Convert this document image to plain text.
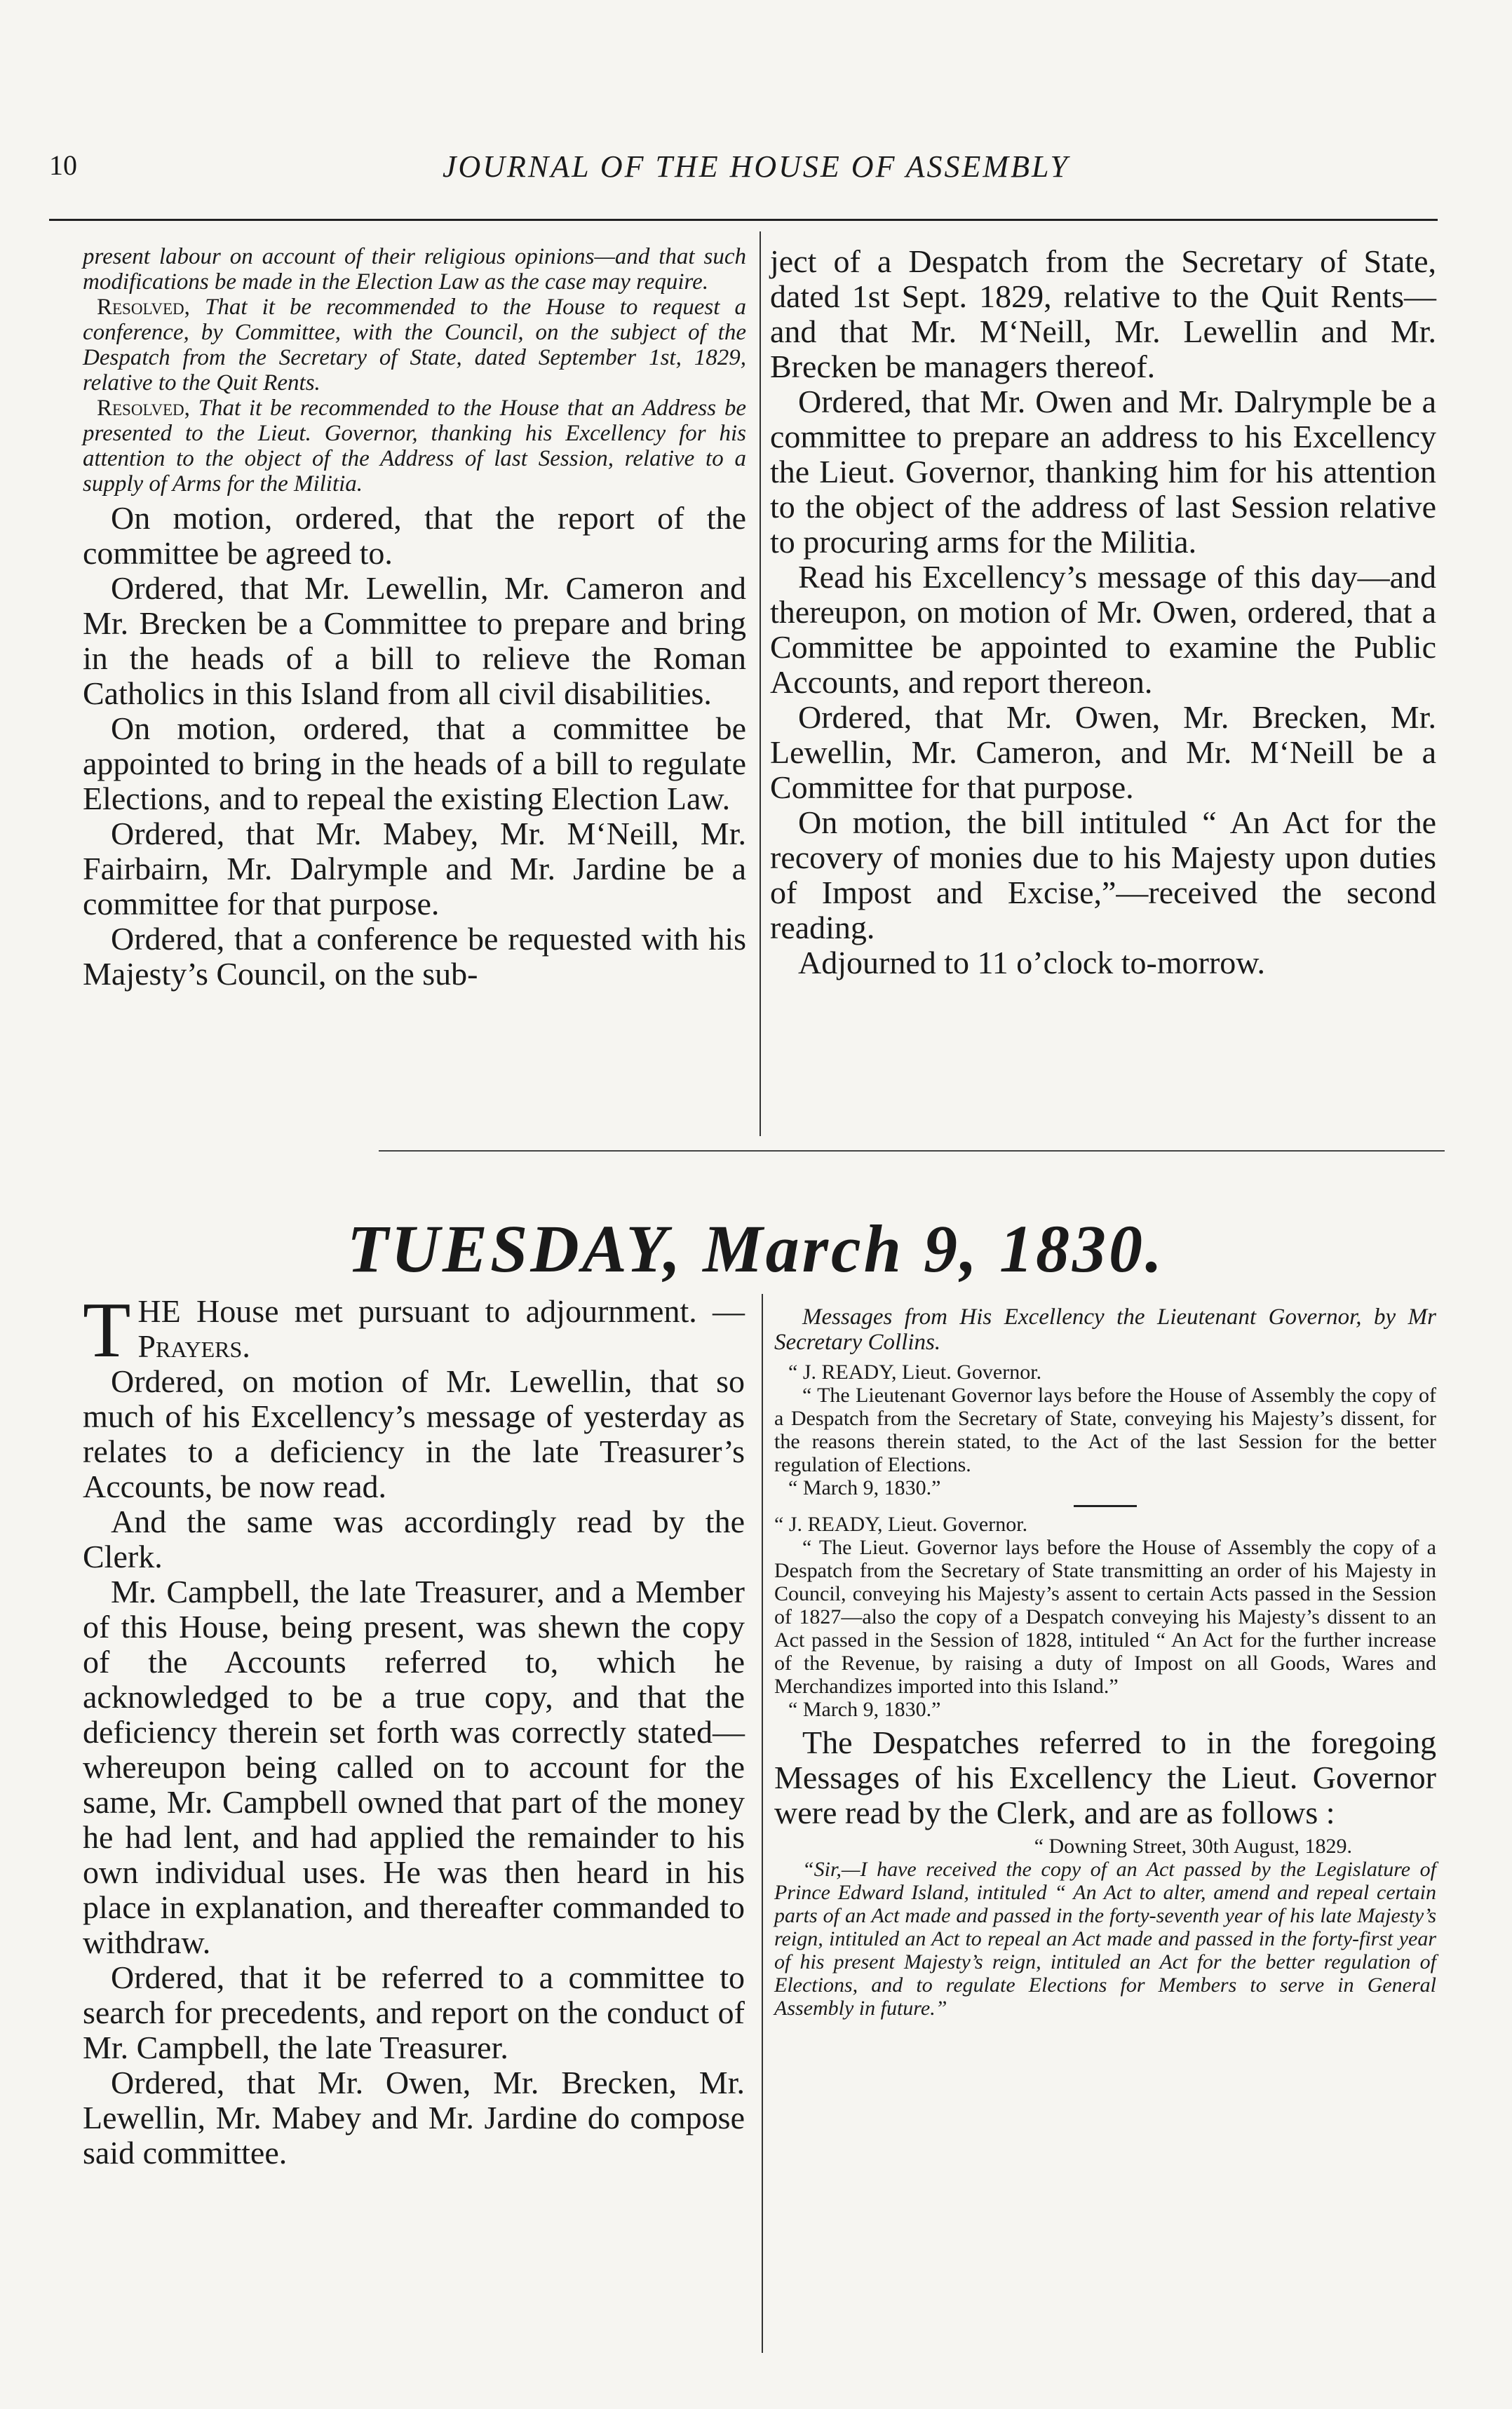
10	JOURNAL OF THE HOUSE OF ASSEMBLY

present labour on account of their religious opinions—and that such modifications be made in the Election Law as the case may require.

Resolved, That it be recommended to the House to request a conference, by Committee, with the Council, on the subject of the Despatch from the Secretary of State, dated September 1st, 1829, relative to the Quit Rents.

Resolved, That it be recommended to the House that an Address be presented to the Lieut. Governor, thanking his Excellency for his attention to the object of the Address of last Session, relative to a supply of Arms for the Militia.

On motion, ordered, that the report of the committee be agreed to.

Ordered, that Mr. Lewellin, Mr. Cameron and Mr. Brecken be a Committee to prepare and bring in the heads of a bill to relieve the Roman Catholics in this Island from all civil disabilities.

On motion, ordered, that a committee be appointed to bring in the heads of a bill to regulate Elections, and to repeal the existing Election Law.

Ordered, that Mr. Mabey, Mr. M‘Neill, Mr. Fairbairn, Mr. Dalrymple and Mr. Jardine be a committee for that purpose.

Ordered, that a conference be requested with his Majesty’s Council, on the sub-

ject of a Despatch from the Secretary of State, dated 1st Sept. 1829, relative to the Quit Rents—and that Mr. M‘Neill, Mr. Lewellin and Mr. Brecken be managers thereof.

Ordered, that Mr. Owen and Mr. Dalrymple be a committee to prepare an address to his Excellency the Lieut. Governor, thanking him for his attention to the object of the address of last Session relative to procuring arms for the Militia.

Read his Excellency’s message of this day—and thereupon, on motion of Mr. Owen, ordered, that a Committee be appointed to examine the Public Accounts, and report thereon.

Ordered, that Mr. Owen, Mr. Brecken, Mr. Lewellin, Mr. Cameron, and Mr. M‘Neill be a Committee for that purpose.

On motion, the bill intituled “ An Act for the recovery of monies due to his Majesty upon duties of Impost and Excise,”—received the second reading.

Adjourned to 11 o’clock to-morrow.

TUESDAY, March 9, 1830.

THE House met pursuant to adjournment. —Prayers.

Ordered, on motion of Mr. Lewellin, that so much of his Excellency’s message of yesterday as relates to a deficiency in the late Treasurer’s Accounts, be now read.

And the same was accordingly read by the Clerk.

Mr. Campbell, the late Treasurer, and a Member of this House, being present, was shewn the copy of the Accounts referred to, which he acknowledged to be a true copy, and that the deficiency therein set forth was correctly stated—whereupon being called on to account for the same, Mr. Campbell owned that part of the money he had lent, and had applied the remainder to his own individual uses. He was then heard in his place in explanation, and thereafter commanded to withdraw.

Ordered, that it be referred to a committee to search for precedents, and report on the conduct of Mr. Campbell, the late Treasurer.

Ordered, that Mr. Owen, Mr. Brecken, Mr. Lewellin, Mr. Mabey and Mr. Jardine do compose said committee.

Messages from His Excellency the Lieutenant Governor, by Mr Secretary Collins.

“ J. READY, Lieut. Governor.

“ The Lieutenant Governor lays before the House of Assembly the copy of a Despatch from the Secretary of State, conveying his Majesty’s dissent, for the reasons therein stated, to the Act of the last Session for the better regulation of Elections.

“ March 9, 1830.”

“ J. READY, Lieut. Governor.

“ The Lieut. Governor lays before the House of Assembly the copy of a Despatch from the Secretary of State transmitting an order of his Majesty in Council, conveying his Majesty’s assent to certain Acts passed in the Session of 1827—also the copy of a Despatch conveying his Majesty’s dissent to an Act passed in the Session of 1828, intituled “ An Act for the further increase of the Revenue, by raising a duty of Impost on all Goods, Wares and Merchandizes imported into this Island.”

“ March 9, 1830.”

The Despatches referred to in the foregoing Messages of his Excellency the Lieut. Governor were read by the Clerk, and are as follows :

“ Downing Street, 30th August, 1829.

“Sir,—I have received the copy of an Act passed by the Legislature of Prince Edward Island, intituled “ An Act to alter, amend and repeal certain parts of an Act made and passed in the forty-seventh year of his late Majesty’s reign, intituled an Act to repeal an Act made and passed in the forty-first year of his present Majesty’s reign, intituled an Act for the better regulation of Elections, and to regulate Elections for Members to serve in General Assembly in future.”
